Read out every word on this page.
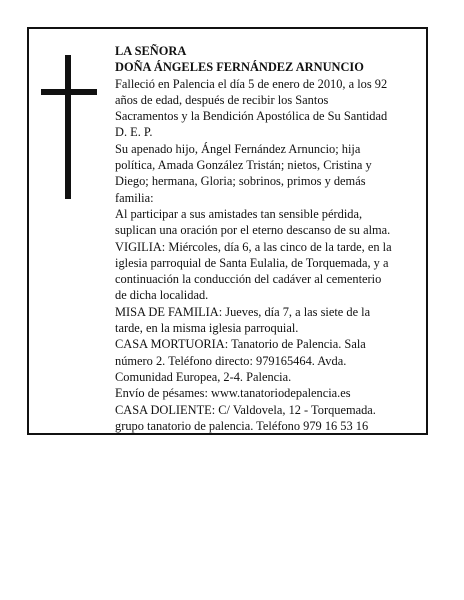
LA SEÑORA
DOÑA ÁNGELES FERNÁNDEZ ARNUNCIO
Falleció en Palencia el día 5 de enero de 2010, a los 92
años de edad, después de recibir los Santos
Sacramentos y la Bendición Apostólica de Su Santidad
D. E. P.
Su apenado hijo, Ángel Fernández Arnuncio; hija
política, Amada González Tristán; nietos, Cristina y
Diego; hermana, Gloria; sobrinos, primos y demás
familia:
Al participar a sus amistades tan sensible pérdida,
suplican una oración por el eterno descanso de su alma.
VIGILIA: Miércoles, día 6, a las cinco de la tarde, en la
iglesia parroquial de Santa Eulalia, de Torquemada, y a
continuación la conducción del cadáver al cementerio
de dicha localidad.
MISA DE FAMILIA: Jueves, día 7, a las siete de la
tarde, en la misma iglesia parroquial.
CASA MORTUORIA: Tanatorio de Palencia. Sala
número 2. Teléfono directo: 979165464. Avda.
Comunidad Europea, 2-4. Palencia.
Envío de pésames: www.tanatoriodepalencia.es
CASA DOLIENTE: C/ Valdovela, 12 - Torquemada.
grupo tanatorio de palencia. Teléfono 979 16 53 16
